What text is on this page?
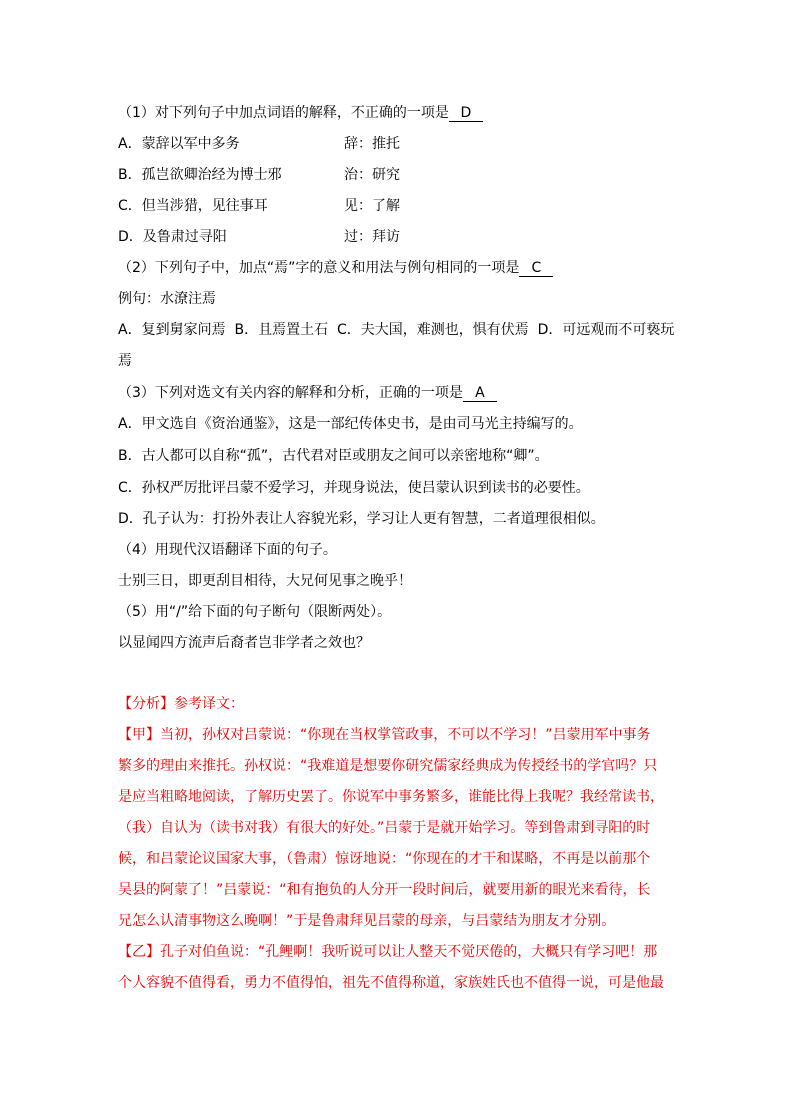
（1）对下列句子中加点词语的解释，不正确的一项是 D
A．蒙辞以军中多务	辞：推托
B．孤岂欲卿治经为博士邪	治：研究
C．但当涉猎，见往事耳	见：了解
D．及鲁肃过寻阳	过：拜访
（2）下列句子中，加点“焉”字的意义和用法与例句相同的一项是 C
例句：水潦注焉
A．复到舅家问焉  B．且焉置土石  C．夫大国，难测也，惧有伏焉  D．可远观而不可亵玩
焉
（3）下列对选文有关内容的解释和分析，正确的一项是 A
A．甲文选自《资治通鉴》，这是一部纪传体史书，是由司马光主持编写的。
B．古人都可以自称“孤”，古代君对臣或朋友之间可以亲密地称“卿”。
C．孙权严厉批评吕蒙不爱学习，并现身说法，使吕蒙认识到读书的必要性。
D．孔子认为：打扮外表让人容貌光彩，学习让人更有智慧，二者道理很相似。
（4）用现代汉语翻译下面的句子。
士别三日，即更刮目相待，大兄何见事之晚乎！
（5）用“/”给下面的句子断句（限断两处）。
以显闻四方流声后裔者岂非学者之效也？
【分析】参考译文：
【甲】当初，孙权对吕蒙说：“你现在当权掌管政事，不可以不学习！”吕蒙用军中事务
繁多的理由来推托。孙权说：“我难道是想要你研究儒家经典成为传授经书的学官吗？只
是应当粗略地阅读，了解历史罢了。你说军中事务繁多，谁能比得上我呢？我经常读书，
（我）自认为（读书对我）有很大的好处。”吕蒙于是就开始学习。等到鲁肃到寻阳的时
候，和吕蒙论议国家大事，（鲁肃）惊讶地说：“你现在的才干和谋略，不再是以前那个
吴县的阿蒙了！”吕蒙说：“和有抱负的人分开一段时间后，就要用新的眼光来看待，长
兄怎么认清事物这么晚啊！”于是鲁肃拜见吕蒙的母亲，与吕蒙结为朋友才分别。
【乙】孔子对伯鱼说：“孔鲤啊！我听说可以让人整天不觉厌倦的，大概只有学习吧！那
个人容貌不值得看，勇力不值得怕，祖先不值得称道，家族姓氏也不值得一说，可是他最
